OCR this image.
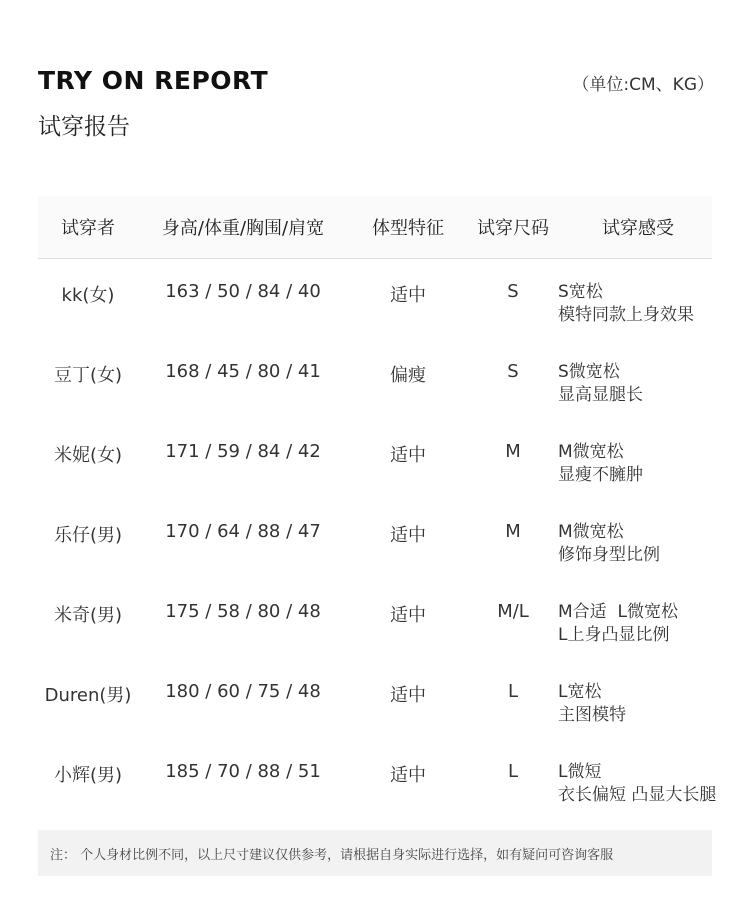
TRY ON REPORT
试穿报告
（单位:CM、KG）
试穿者	身高/体重/胸围/肩宽	体型特征	试穿尺码	试穿感受
kk(女)	163 / 50 / 84 / 40	适中	S	S宽松
模特同款上身效果
豆丁(女)	168 / 45 / 80 / 41	偏瘦	S	S微宽松
显高显腿长
米妮(女)	171 / 59 / 84 / 42	适中	M	M微宽松
显瘦不臃肿
乐仔(男)	170 / 64 / 88 / 47	适中	M	M微宽松
修饰身型比例
米奇(男)	175 / 58 / 80 / 48	适中	M/L	M合适  L微宽松
L上身凸显比例
Duren(男)	180 / 60 / 75 / 48	适中	L	L宽松
主图模特
小辉(男)	185 / 70 / 88 / 51	适中	L	L微短
衣长偏短 凸显大长腿
注： 个人身材比例不同，以上尺寸建议仅供参考，请根据自身实际进行选择，如有疑问可咨询客服
